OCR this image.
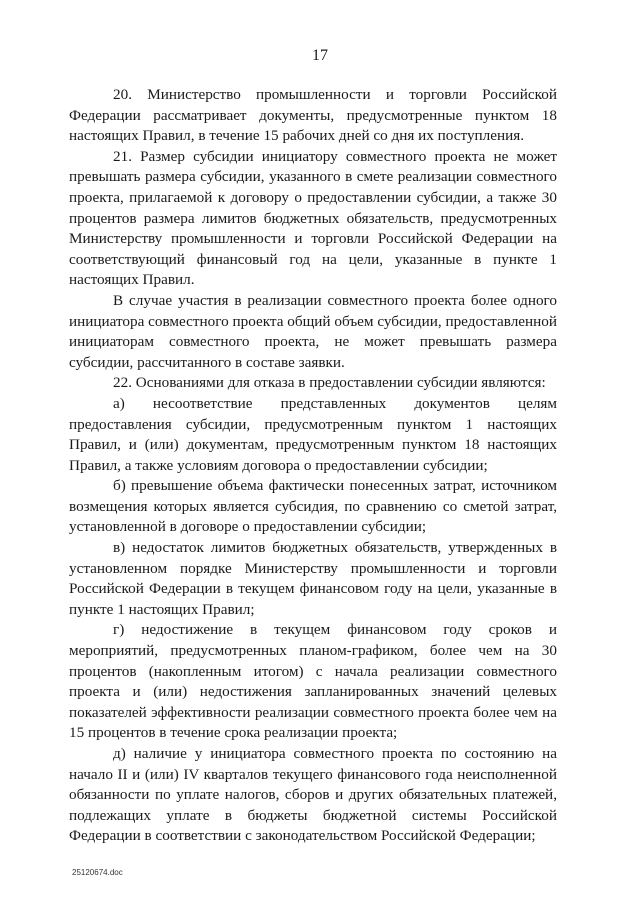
17

20. Министерство промышленности и торговли Российской Федерации рассматривает документы, предусмотренные пунктом 18 настоящих Правил, в течение 15 рабочих дней со дня их поступления.

21. Размер субсидии инициатору совместного проекта не может превышать размера субсидии, указанного в смете реализации совместного проекта, прилагаемой к договору о предоставлении субсидии, а также 30 процентов размера лимитов бюджетных обязательств, предусмотренных Министерству промышленности и торговли Российской Федерации на соответствующий финансовый год на цели, указанные в пункте 1 настоящих Правил.

В случае участия в реализации совместного проекта более одного инициатора совместного проекта общий объем субсидии, предоставленной инициаторам совместного проекта, не может превышать размера субсидии, рассчитанного в составе заявки.

22. Основаниями для отказа в предоставлении субсидии являются:

а) несоответствие представленных документов целям предоставления субсидии, предусмотренным пунктом 1 настоящих Правил, и (или) документам, предусмотренным пунктом 18 настоящих Правил, а также условиям договора о предоставлении субсидии;

б) превышение объема фактически понесенных затрат, источником возмещения которых является субсидия, по сравнению со сметой затрат, установленной в договоре о предоставлении субсидии;

в) недостаток лимитов бюджетных обязательств, утвержденных в установленном порядке Министерству промышленности и торговли Российской Федерации в текущем финансовом году на цели, указанные в пункте 1 настоящих Правил;

г) недостижение в текущем финансовом году сроков и мероприятий, предусмотренных планом-графиком, более чем на 30 процентов (накопленным итогом) с начала реализации совместного проекта и (или) недостижения запланированных значений целевых показателей эффективности реализации совместного проекта более чем на 15 процентов в течение срока реализации проекта;

д) наличие у инициатора совместного проекта по состоянию на начало II и (или) IV кварталов текущего финансового года неисполненной обязанности по уплате налогов, сборов и других обязательных платежей, подлежащих уплате в бюджеты бюджетной системы Российской Федерации в соответствии с законодательством Российской Федерации;

25120674.doc
